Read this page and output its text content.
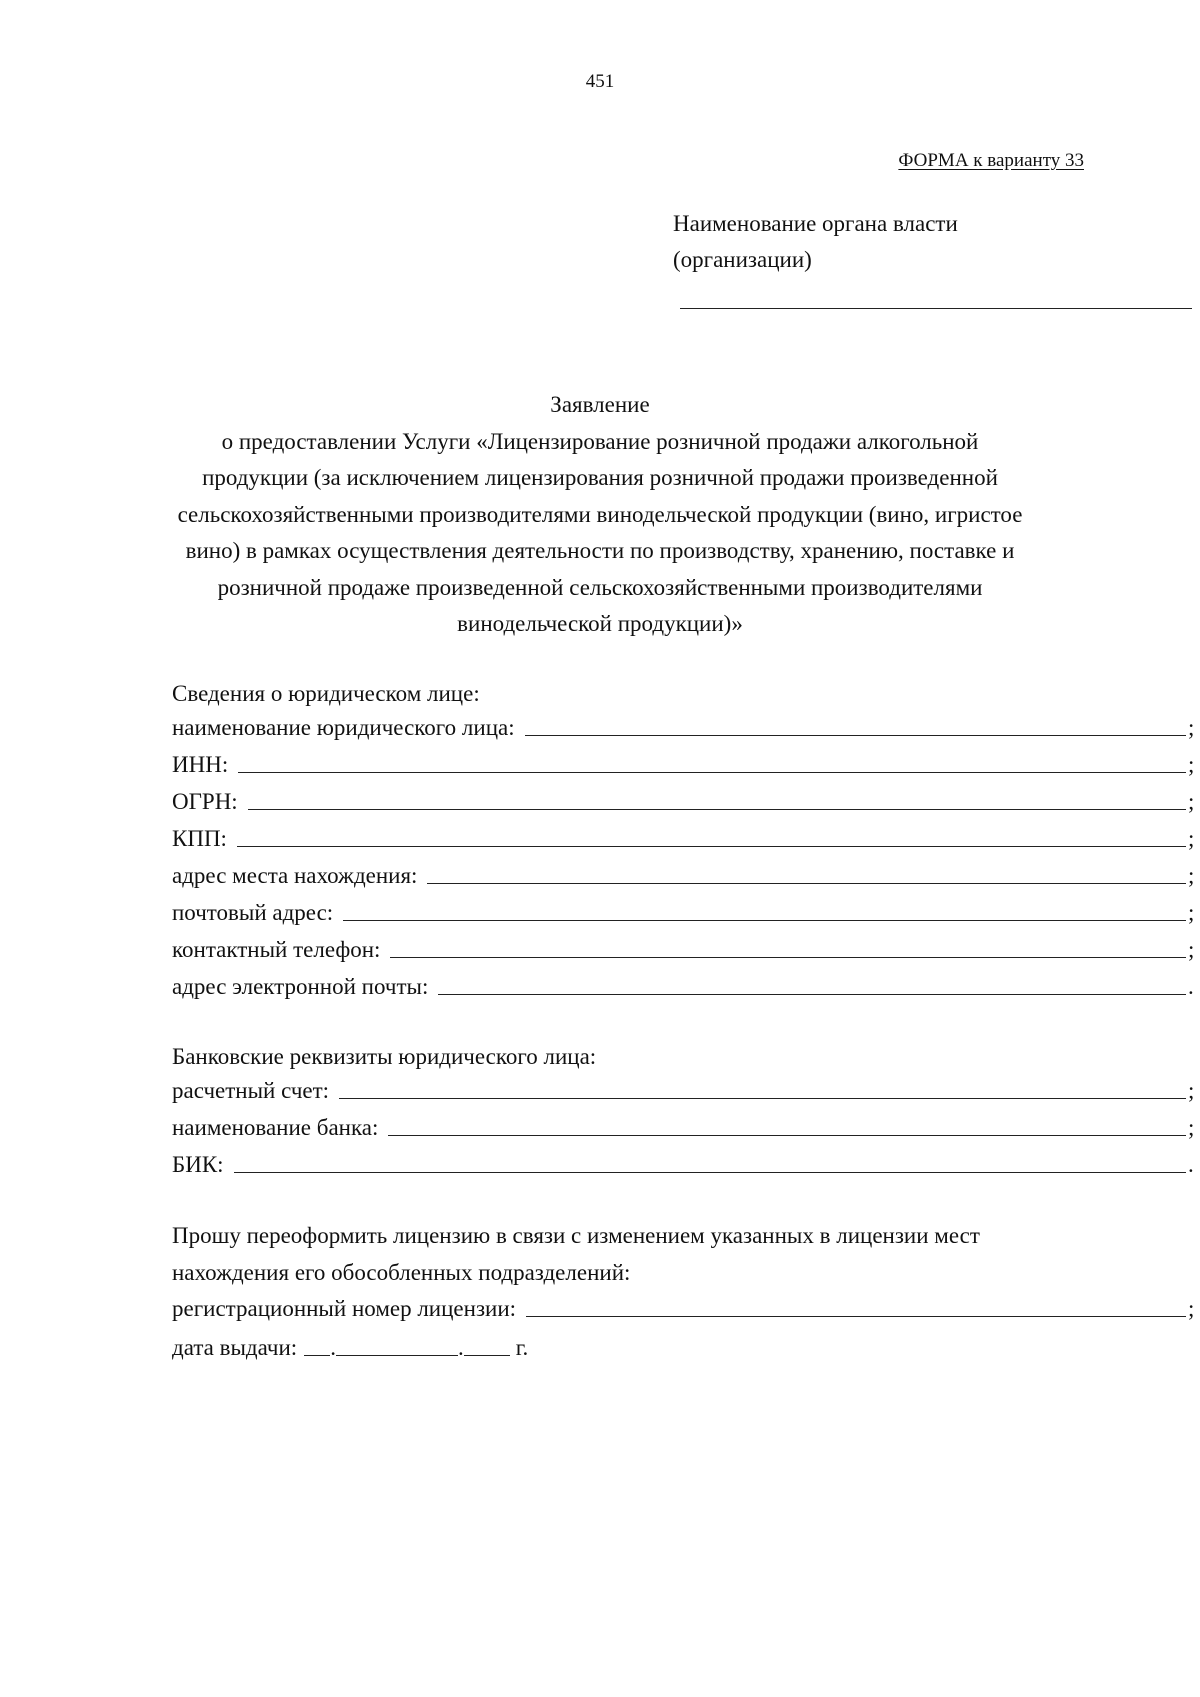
451
ФОРМА к варианту 33
Наименование органа власти
(организации)
Заявление
о предоставлении Услуги «Лицензирование розничной продажи алкогольной
продукции (за исключением лицензирования розничной продажи произведенной
сельскохозяйственными производителями винодельческой продукции (вино, игристое
вино) в рамках осуществления деятельности по производству, хранению, поставке и
розничной продаже произведенной сельскохозяйственными производителями
винодельческой продукции)»
Сведения о юридическом лице:
наименование юридического лица:	;
ИНН:	;
ОГРН:	;
КПП:	;
адрес места нахождения:	;
почтовый адрес:	;
контактный телефон:	;
адрес электронной почты:	.
Банковские реквизиты юридического лица:
расчетный счет:	;
наименование банка:	;
БИК:	.
Прошу переоформить лицензию в связи с изменением указанных в лицензии мест
нахождения его обособленных подразделений:
регистрационный номер лицензии:	;
дата выдачи: .	. г.
